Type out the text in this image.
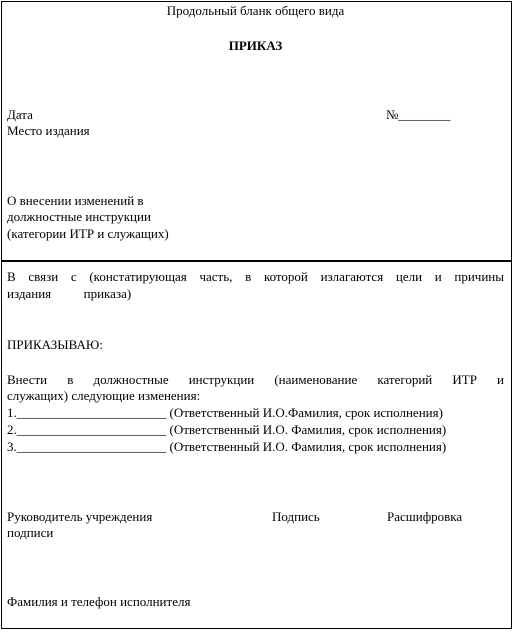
Продольный бланк общего вида
ПРИКАЗ
Дата	№________
Место издания
О внесении изменений в
должностные инструкции
(категории ИТР и служащих)
В связи с (констатирующая часть, в которой излагаются цели и причины
издания          приказа)
ПРИКАЗЫВАЮ:
Внести в должностные инструкции (наименование категорий ИТР и
служащих) следующие изменения:
1. _______________________
(Ответственный И.О.Фамилия, срок исполнения)
2. _______________________
(Ответственный И.О. Фамилия, срок исполнения)
3. _______________________
(Ответственный И.О. Фамилия, срок исполнения)
Руководитель учреждения	Подпись	Расшифровка
подписи
Фамилия и телефон исполнителя
